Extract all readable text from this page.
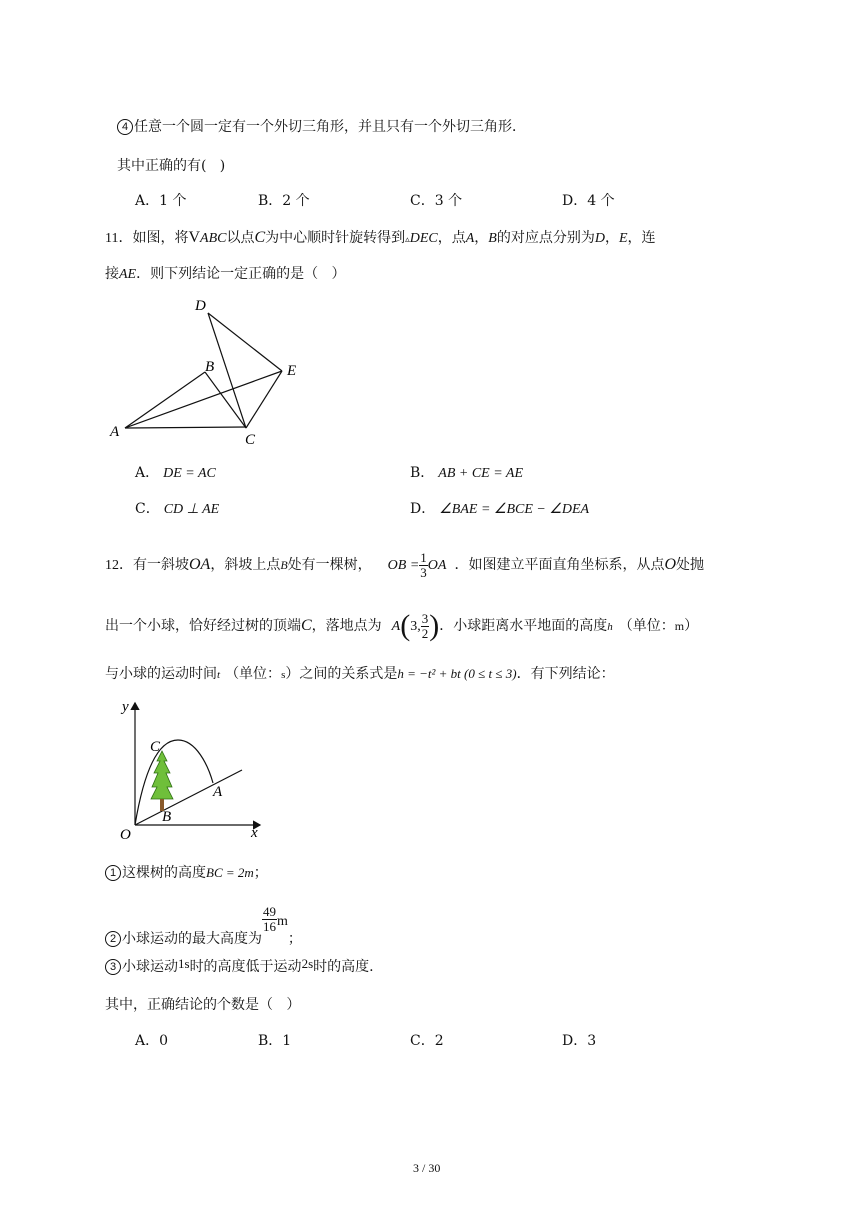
4 任意一个圆一定有一个外切三角形，并且只有一个外切三角形．
其中正确的有(   )
A．1 个	B．2 个	C．3 个	D．4 个
11．如图，将VABC以点C为中心顺时针旋转得到▵DEC，点A，B的对应点分别为D，E，连
接AE．则下列结论一定正确的是（   ）
D
B	E
A	C
A． DE = AC	B． AB + CE = AE
C． CD ⊥ AE	D． ∠BAE = ∠BCE − ∠DEA
12．有一斜坡OA，斜坡上点B处有一棵树， OB = $\frac{1}{3}$ OA ．如图建立平面直角坐标系，从点O处抛
出一个小球，恰好经过树的顶端C，落地点为 A(3, $\frac{3}{2}$ )．小球距离水平地面的高度h （单位：m）
与小球的运动时间t （单位：s）之间的关系式是h = −t² + bt (0 ≤ t ≤ 3)．有下列结论：
y
C
A
B
O	x
1 这棵树的高度BC = 2m；
2 小球运动的最大高度为
$\frac{49}{16}$ m；
3 小球运动1s时的高度低于运动2s时的高度.
其中，正确结论的个数是（   ）
A．0	B．1	C．2	D．3
3 / 30
